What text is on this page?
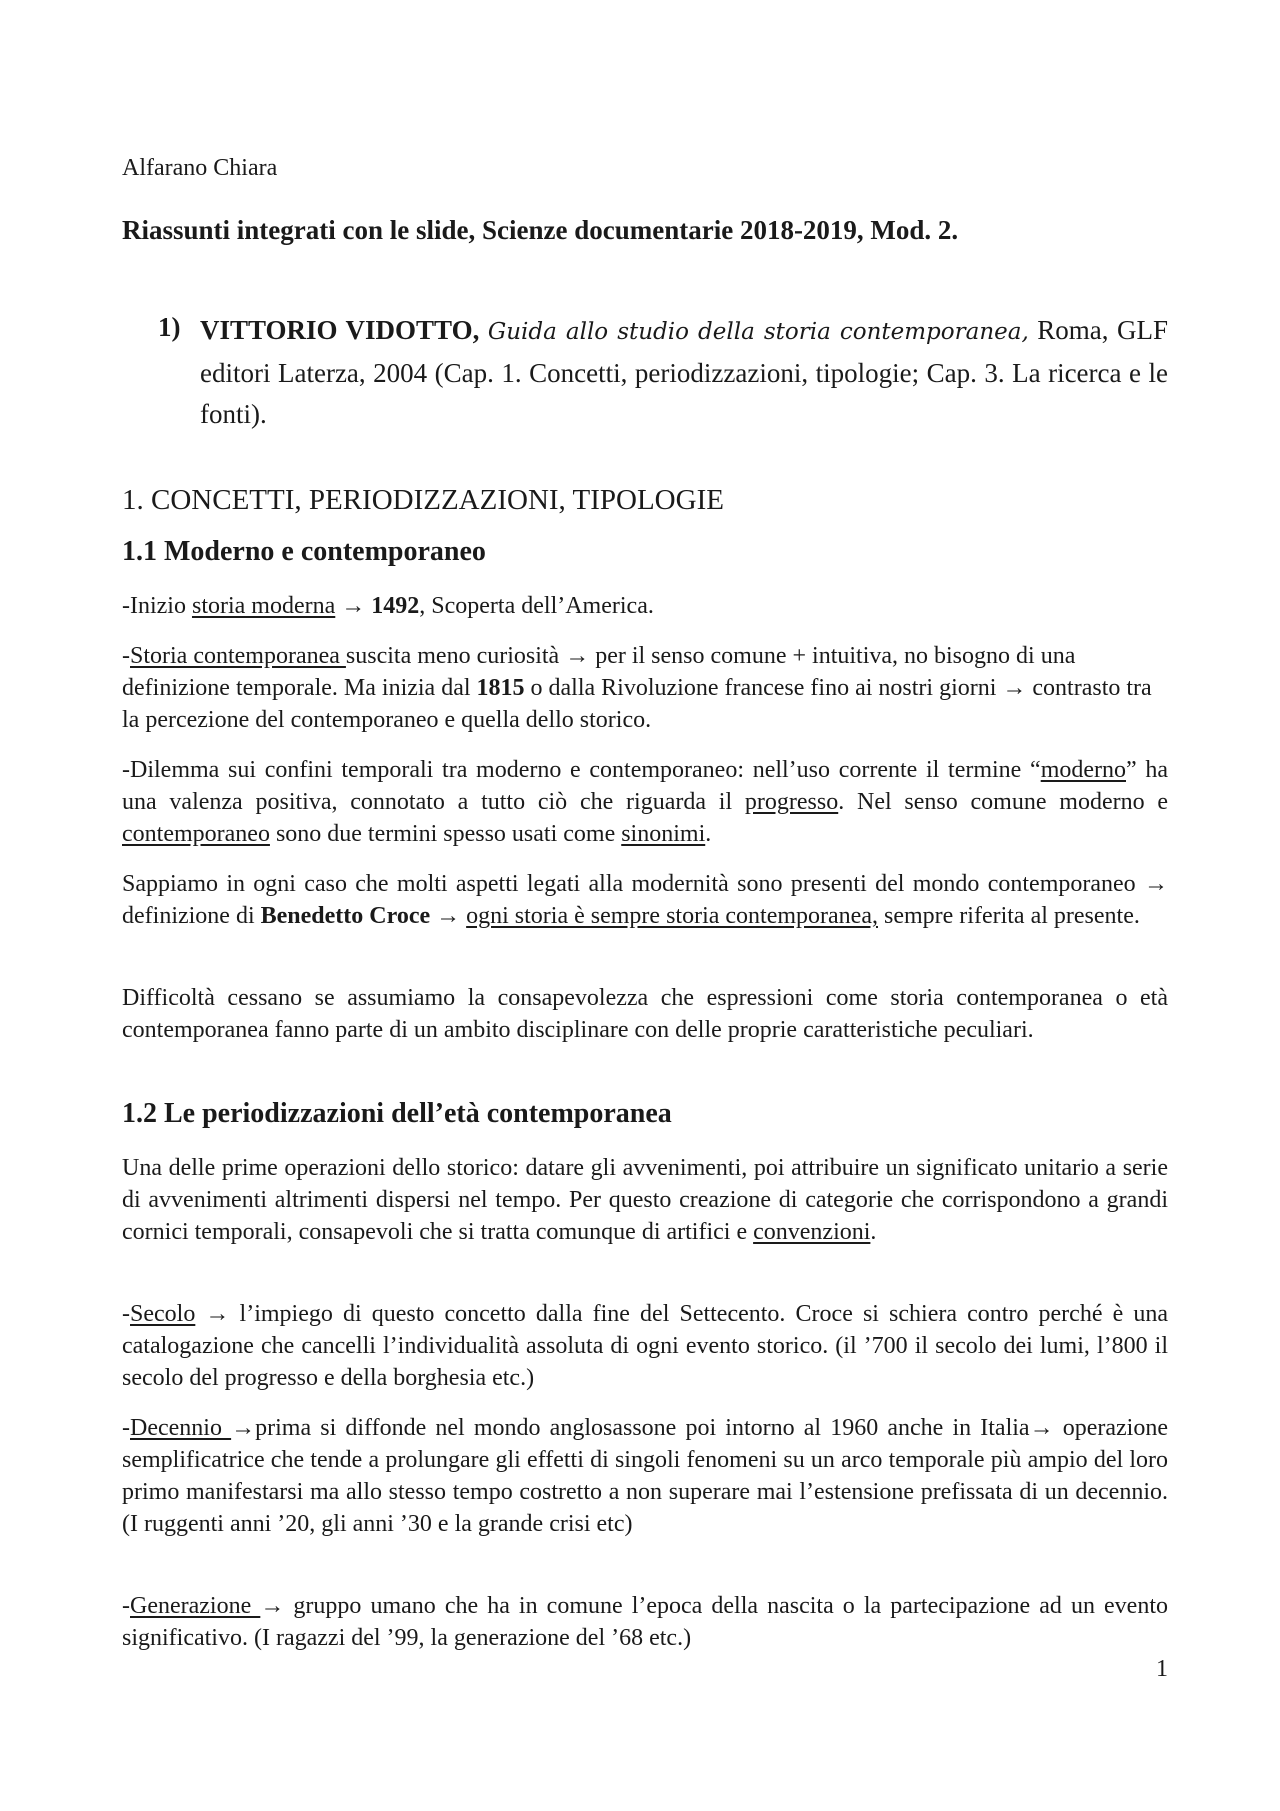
Alfarano Chiara
Riassunti integrati con le slide, Scienze documentarie 2018-2019, Mod. 2.
1) VITTORIO VIDOTTO, Guida allo studio della storia contemporanea, Roma, GLF editori Laterza, 2004 (Cap. 1. Concetti, periodizzazioni, tipologie; Cap. 3. La ricerca e le fonti).
1. CONCETTI, PERIODIZZAZIONI, TIPOLOGIE
1.1 Moderno e contemporaneo

-Inizio storia moderna → 1492, Scoperta dell’America.

-Storia contemporanea suscita meno curiosità → per il senso comune + intuitiva, no bisogno di una definizione temporale. Ma inizia dal 1815 o dalla Rivoluzione francese fino ai nostri giorni → contrasto tra la percezione del contemporaneo e quella dello storico.

-Dilemma sui confini temporali tra moderno e contemporaneo: nell’uso corrente il termine “moderno” ha una valenza positiva, connotato a tutto ciò che riguarda il progresso. Nel senso comune moderno e contemporaneo sono due termini spesso usati come sinonimi.

Sappiamo in ogni caso che molti aspetti legati alla modernità sono presenti del mondo contemporaneo → definizione di Benedetto Croce → ogni storia è sempre storia contemporanea, sempre riferita al presente.

Difficoltà cessano se assumiamo la consapevolezza che espressioni come storia contemporanea o età contemporanea fanno parte di un ambito disciplinare con delle proprie caratteristiche peculiari.

1.2 Le periodizzazioni dell’età contemporanea

Una delle prime operazioni dello storico: datare gli avvenimenti, poi attribuire un significato unitario a serie di avvenimenti altrimenti dispersi nel tempo. Per questo creazione di categorie che corrispondono a grandi cornici temporali, consapevoli che si tratta comunque di artifici e convenzioni.

-Secolo → l’impiego di questo concetto dalla fine del Settecento. Croce si schiera contro perché è una catalogazione che cancelli l’individualità assoluta di ogni evento storico. (il ’700 il secolo dei lumi, l’800 il secolo del progresso e della borghesia etc.)

-Decennio →prima si diffonde nel mondo anglosassone poi intorno al 1960 anche in Italia→ operazione semplificatrice che tende a prolungare gli effetti di singoli fenomeni su un arco temporale più ampio del loro primo manifestarsi ma allo stesso tempo costretto a non superare mai l’estensione prefissata di un decennio. (I ruggenti anni ’20, gli anni ’30 e la grande crisi etc)

-Generazione → gruppo umano che ha in comune l’epoca della nascita o la partecipazione ad un evento significativo. (I ragazzi del ’99, la generazione del ’68 etc.)

1
